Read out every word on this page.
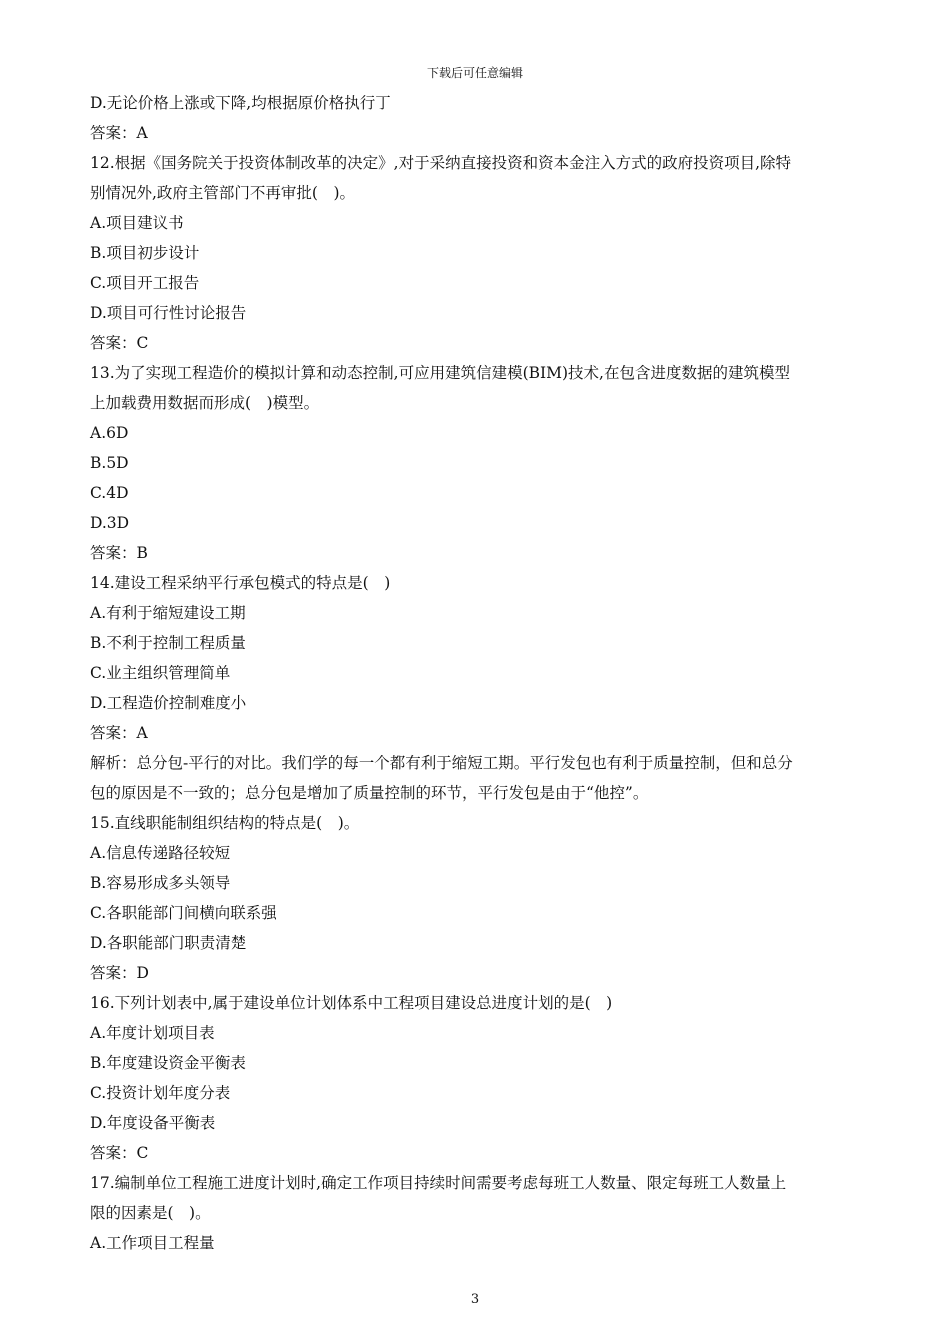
下载后可任意编辑
D.无论价格上涨或下降,均根据原价格执行丁
答案：A
12.根据《国务院关于投资体制改革的决定》,对于采纳直接投资和资本金注入方式的政府投资项目,除特
别情况外,政府主管部门不再审批(　)。
A.项目建议书
B.项目初步设计
C.项目开工报告
D.项目可行性讨论报告
答案：C
13.为了实现工程造价的模拟计算和动态控制,可应用建筑信建模(BIM)技术,在包含进度数据的建筑模型
上加载费用数据而形成(　)模型。
A.6D
B.5D
C.4D
D.3D
答案：B
14.建设工程采纳平行承包模式的特点是(　)
A.有利于缩短建设工期
B.不利于控制工程质量
C.业主组织管理简单
D.工程造价控制难度小
答案：A
解析：总分包-平行的对比。我们学的每一个都有利于缩短工期。平行发包也有利于质量控制，但和总分
包的原因是不一致的；总分包是增加了质量控制的环节，平行发包是由于“他控”。
15.直线职能制组织结构的特点是(　)。
A.信息传递路径较短
B.容易形成多头领导
C.各职能部门间横向联系强
D.各职能部门职责清楚
答案：D
16.下列计划表中,属于建设单位计划体系中工程项目建设总进度计划的是(　)
A.年度计划项目表
B.年度建设资金平衡表
C.投资计划年度分表
D.年度设备平衡表
答案：C
17.编制单位工程施工进度计划时,确定工作项目持续时间需要考虑每班工人数量、限定每班工人数量上
限的因素是(　)。
A.工作项目工程量
3
